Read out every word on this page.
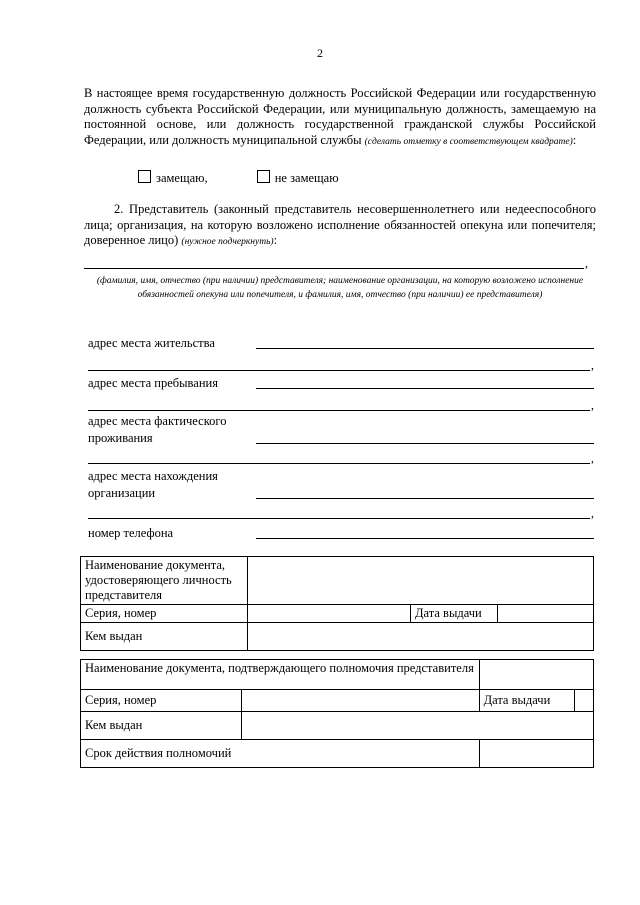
2
В настоящее время государственную должность Российской Федерации или государственную должность субъекта Российской Федерации, или муниципальную должность, замещаемую на постоянной основе, или должность государственной гражданской службы Российской Федерации, или должность муниципальной службы (сделать отметку в соответствующем квадрате):
замещаю,	не замещаю
2. Представитель (законный представитель несовершеннолетнего или недееспособного лица; организация, на которую возложено исполнение обязанностей опекуна или попечителя; доверенное лицо) (нужное подчеркнуть):
,
(фамилия, имя, отчество (при наличии) представителя; наименование организации, на которую возложено исполнение обязанностей опекуна или попечителя, и фамилия, имя, отчество (при наличии) ее представителя)
адрес места жительства
,
адрес места пребывания
,
адрес места фактического
проживания
,
адрес места нахождения
организации
,
номер телефона
Наименование документа, удостоверяющего личность представителя			
Серия, номер		Дата выдачи	
Кем выдан			
Наименование документа, подтверждающего полномочия представителя			
Серия, номер		Дата выдачи	
Кем выдан			
Срок действия полномочий			
